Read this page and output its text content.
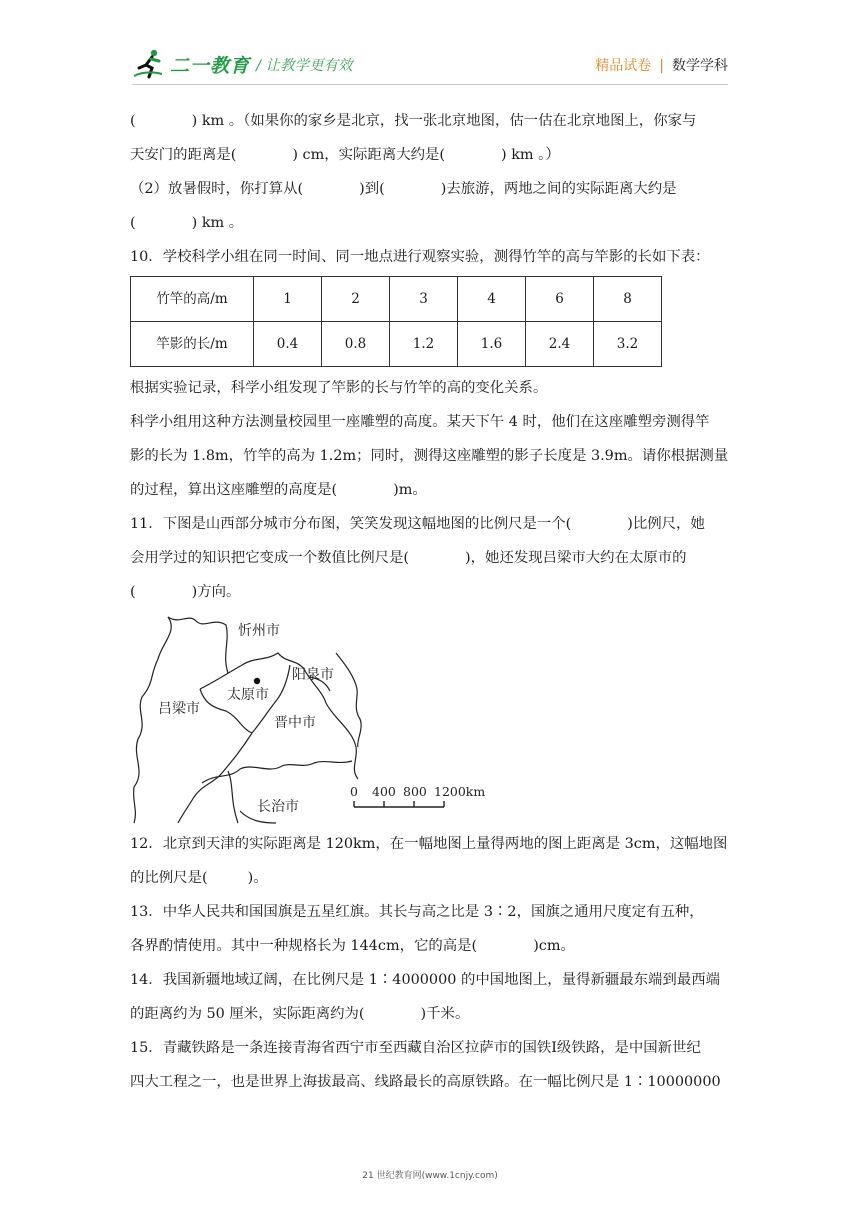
二一教育 / 让教学更有效	精品试卷 | 数学学科
(	) km 。（如果你的家乡是北京，找一张北京地图，估一估在北京地图上，你家与
天安门的距离是(	) cm，实际距离大约是(	) km 。）
（2）放暑假时，你打算从(	)到(	)去旅游，两地之间的实际距离大约是
(	) km 。
10．学校科学小组在同一时间、同一地点进行观察实验，测得竹竿的高与竿影的长如下表：
竹竿的高/m	1	2	3	4	6	8
竿影的长/m	0.4	0.8	1.2	1.6	2.4	3.2
根据实验记录，科学小组发现了竿影的长与竹竿的高的变化关系。
科学小组用这种方法测量校园里一座雕塑的高度。某天下午 4 时，他们在这座雕塑旁测得竿
影的长为 1.8m，竹竿的高为 1.2m；同时，测得这座雕塑的影子长度是 3.9m。请你根据测量
的过程，算出这座雕塑的高度是(	)m。
11．下图是山西部分城市分布图，笑笑发现这幅地图的比例尺是一个(	)比例尺，她
会用学过的知识把它变成一个数值比例尺是(	)，她还发现吕梁市大约在太原市的
(	)方向。
忻州市
阳泉市
太原市
吕梁市
晋中市
长治市
0 400 800 1200km
12．北京到天津的实际距离是 120km，在一幅地图上量得两地的图上距离是 3cm，这幅地图
的比例尺是(	)。
13．中华人民共和国国旗是五星红旗。其长与高之比是 3∶2，国旗之通用尺度定有五种，
各界酌情使用。其中一种规格长为 144cm，它的高是(	)cm。
14．我国新疆地域辽阔，在比例尺是 1∶4000000 的中国地图上，量得新疆最东端到最西端
的距离约为 50 厘米，实际距离约为(	)千米。
15．青藏铁路是一条连接青海省西宁市至西藏自治区拉萨市的国铁Ⅰ级铁路，是中国新世纪
四大工程之一，也是世界上海拔最高、线路最长的高原铁路。在一幅比例尺是 1∶10000000
21 世纪教育网(www.1cnjy.com)
